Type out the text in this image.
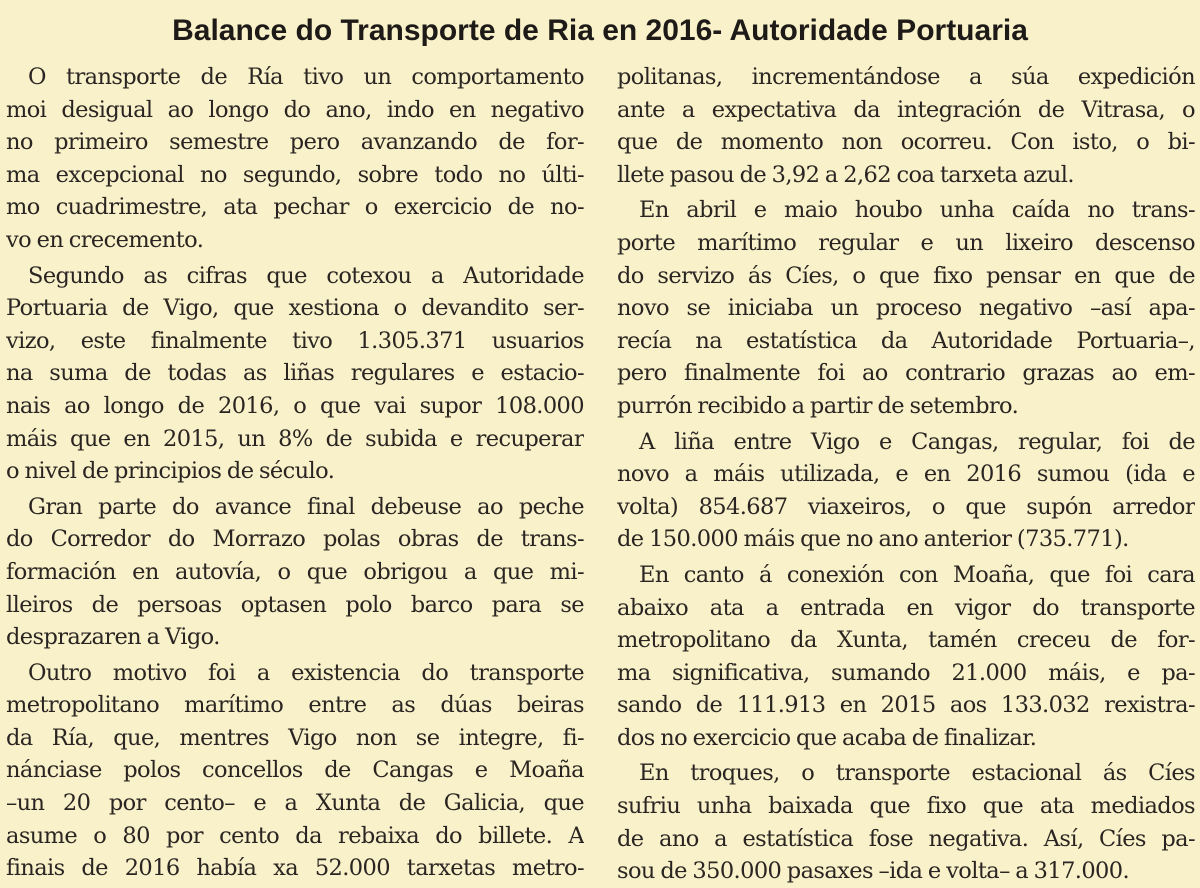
Balance do Transporte de Ria en 2016- Autoridade Portuaria
O transporte de Ría tivo un comportamento
moi desigual ao longo do ano, indo en negativo
no primeiro semestre pero avanzando de for-
ma excepcional no segundo, sobre todo no últi-
mo cuadrimestre, ata pechar o exercicio de no-
vo en crecemento.
Segundo as cifras que cotexou a Autoridade
Portuaria de Vigo, que xestiona o devandito ser-
vizo, este finalmente tivo 1.305.371 usuarios
na suma de todas as liñas regulares e estacio-
nais ao longo de 2016, o que vai supor 108.000
máis que en 2015, un 8% de subida e recuperar
o nivel de principios de século.
Gran parte do avance final debeuse ao peche
do Corredor do Morrazo polas obras de trans-
formación en autovía, o que obrigou a que mi-
lleiros de persoas optasen polo barco para se
desprazaren a Vigo.
Outro motivo foi a existencia do transporte
metropolitano marítimo entre as dúas beiras
da Ría, que, mentres Vigo non se integre, fi-
nánciase polos concellos de Cangas e Moaña
–un 20 por cento– e a Xunta de Galicia, que
asume o 80 por cento da rebaixa do billete. A
finais de 2016 había xa 52.000 tarxetas metro-
politanas, incrementándose a súa expedición
ante a expectativa da integración de Vitrasa, o
que de momento non ocorreu. Con isto, o bi-
llete pasou de 3,92 a 2,62 coa tarxeta azul.
En abril e maio houbo unha caída no trans-
porte marítimo regular e un lixeiro descenso
do servizo ás Cíes, o que fixo pensar en que de
novo se iniciaba un proceso negativo –así apa-
recía na estatística da Autoridade Portuaria–,
pero finalmente foi ao contrario grazas ao em-
purrón recibido a partir de setembro.
A liña entre Vigo e Cangas, regular, foi de
novo a máis utilizada, e en 2016 sumou (ida e
volta) 854.687 viaxeiros, o que supón arredor
de 150.000 máis que no ano anterior (735.771).
En canto á conexión con Moaña, que foi cara
abaixo ata a entrada en vigor do transporte
metropolitano da Xunta, tamén creceu de for-
ma significativa, sumando 21.000 máis, e pa-
sando de 111.913 en 2015 aos 133.032 rexistra-
dos no exercicio que acaba de finalizar.
En troques, o transporte estacional ás Cíes
sufriu unha baixada que fixo que ata mediados
de ano a estatística fose negativa. Así, Cíes pa-
sou de 350.000 pasaxes –ida e volta– a 317.000.
